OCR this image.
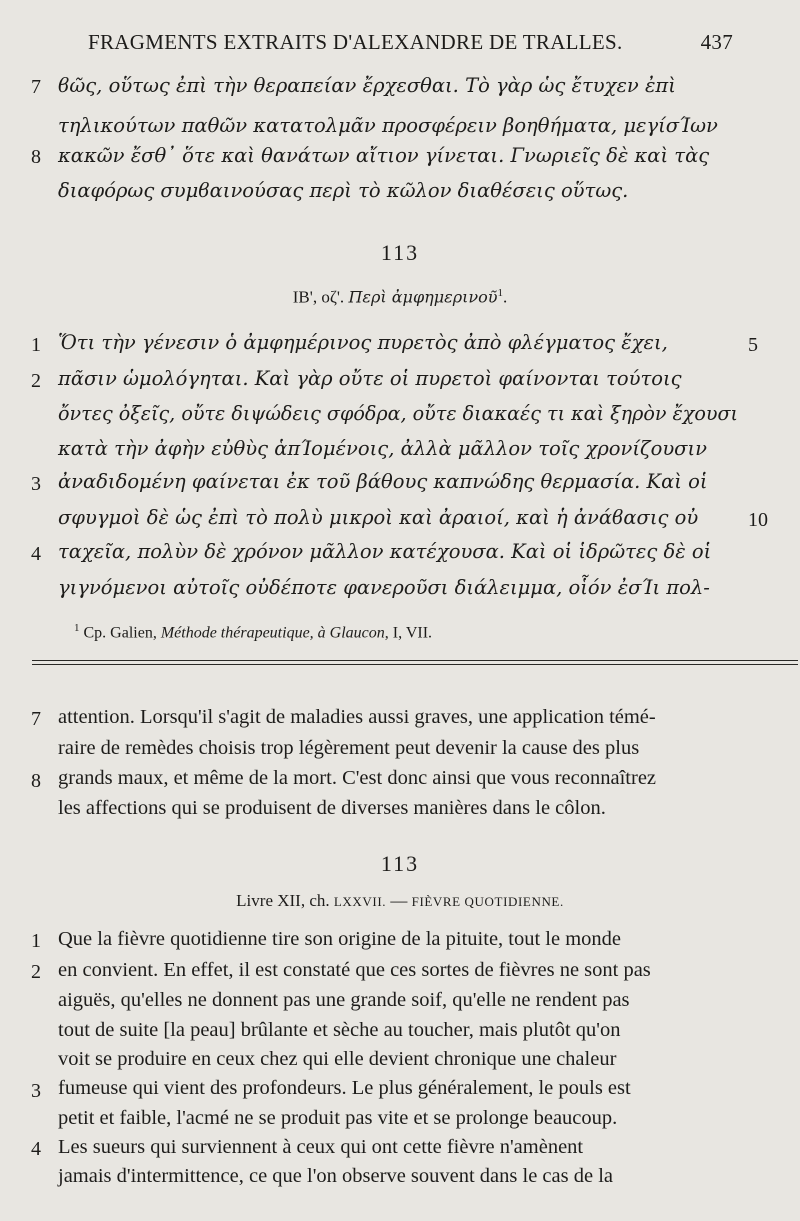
FRAGMENTS EXTRAITS D'ALEXANDRE DE TRALLES.	437
7 ϐῶς, οὕτως ἐπὶ τὴν θεραπείαν ἔρχεσθαι. Τὸ γὰρ ὡς ἔτυχεν ἐπὶ
τηλικούτων παθῶν κατατολμᾶν προσφέρειν βοηθήματα, μεγίσΊων
8 κακῶν ἔσθ᾽ ὅτε καὶ θανάτων αἴτιον γίνεται. Γνωριεῖς δὲ καὶ τὰς
διαφόρως συμϐαινούσας περὶ τὸ κῶλον διαθέσεις οὕτως.
113
IB', οζ'. Περὶ ἀμφημερινοῦ$^1$.
1 Ὅτι τὴν γένεσιν ὁ ἀμφημέρινος πυρετὸς ἀπὸ φλέγματος ἔχει,	5
2 πᾶσιν ὡμολόγηται. Καὶ γὰρ οὔτε οἱ πυρετοὶ φαίνονται τούτοις
ὄντες ὀξεῖς, οὔτε διψώδεις σφόδρα, οὔτε διακαές τι καὶ ξηρὸν ἔχουσι
κατὰ τὴν ἀφὴν εὐθὺς ἁπΊομένοις, ἀλλὰ μᾶλλον τοῖς χρονίζουσιν
3 ἀναδιδομένη φαίνεται ἐκ τοῦ βάθους καπνώδης θερμασία. Καὶ οἱ
σφυγμοὶ δὲ ὡς ἐπὶ τὸ πολὺ μικροὶ καὶ ἀραιοί, καὶ ἡ ἀνάϐασις οὐ	10
4 ταχεῖα, πολὺν δὲ χρόνον μᾶλλον κατέχουσα. Καὶ οἱ ἱδρῶτες δὲ οἱ
γιγνόμενοι αὐτοῖς οὐδέποτε φανεροῦσι διάλειμμα, οἷόν ἐσΊι πολ-
$^1$ Cp. Galien, Méthode thérapeutique, à Glaucon, I, VII.
7 attention. Lorsqu'il s'agit de maladies aussi graves, une application témé-
raire de remèdes choisis trop légèrement peut devenir la cause des plus
8 grands maux, et même de la mort. C'est donc ainsi que vous reconnaîtrez
les affections qui se produisent de diverses manières dans le côlon.
113
Livre XII, ch. LXXVII. — FIÈVRE QUOTIDIENNE.
1 Que la fièvre quotidienne tire son origine de la pituite, tout le monde
2 en convient. En effet, il est constaté que ces sortes de fièvres ne sont pas
aiguës, qu'elles ne donnent pas une grande soif, qu'elle ne rendent pas
tout de suite [la peau] brûlante et sèche au toucher, mais plutôt qu'on
voit se produire en ceux chez qui elle devient chronique une chaleur
3 fumeuse qui vient des profondeurs. Le plus généralement, le pouls est
petit et faible, l'acmé ne se produit pas vite et se prolonge beaucoup.
4 Les sueurs qui surviennent à ceux qui ont cette fièvre n'amènent
jamais d'intermittence, ce que l'on observe souvent dans le cas de la
